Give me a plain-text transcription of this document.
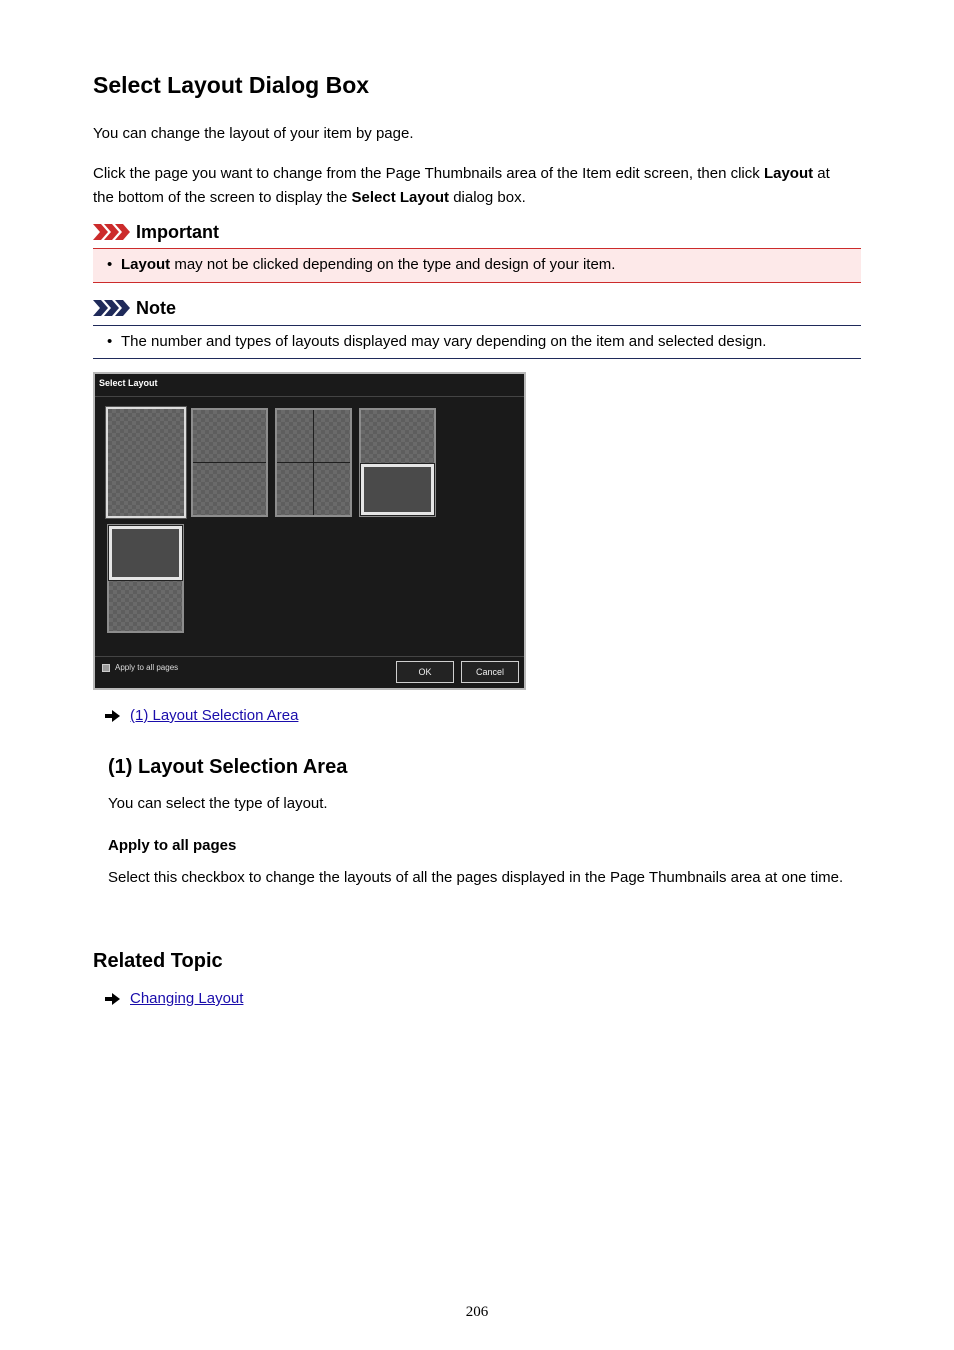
Select Layout Dialog Box
You can change the layout of your item by page.
Click the page you want to change from the Page Thumbnails area of the Item edit screen, then click Layout at the bottom of the screen to display the Select Layout dialog box.
Important
• Layout may not be clicked depending on the type and design of your item.
Note
• The number and types of layouts displayed may vary depending on the item and selected design.
Select Layout
Apply to all pages	OK	Cancel
(1) Layout Selection Area
(1) Layout Selection Area
You can select the type of layout.
Apply to all pages
Select this checkbox to change the layouts of all the pages displayed in the Page Thumbnails area at one time.
Related Topic
Changing Layout
206
